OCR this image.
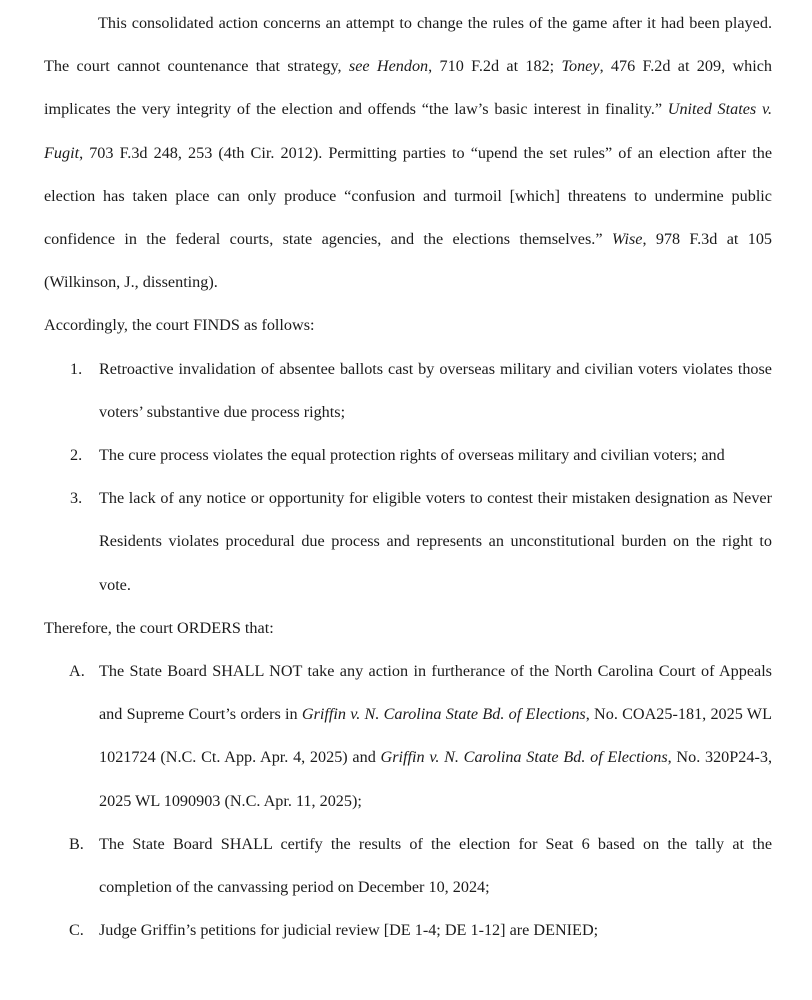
This consolidated action concerns an attempt to change the rules of the game after it had been played. The court cannot countenance that strategy, see Hendon, 710 F.2d at 182; Toney, 476 F.2d at 209, which implicates the very integrity of the election and offends “the law’s basic interest in finality.” United States v. Fugit, 703 F.3d 248, 253 (4th Cir. 2012). Permitting parties to “upend the set rules” of an election after the election has taken place can only produce “confusion and turmoil [which] threatens to undermine public confidence in the federal courts, state agencies, and the elections themselves.” Wise, 978 F.3d at 105 (Wilkinson, J., dissenting).

Accordingly, the court FINDS as follows:

1. Retroactive invalidation of absentee ballots cast by overseas military and civilian voters violates those voters’ substantive due process rights;
2. The cure process violates the equal protection rights of overseas military and civilian voters; and
3. The lack of any notice or opportunity for eligible voters to contest their mistaken designation as Never Residents violates procedural due process and represents an unconstitutional burden on the right to vote.

Therefore, the court ORDERS that:

A. The State Board SHALL NOT take any action in furtherance of the North Carolina Court of Appeals and Supreme Court’s orders in Griffin v. N. Carolina State Bd. of Elections, No. COA25-181, 2025 WL 1021724 (N.C. Ct. App. Apr. 4, 2025) and Griffin v. N. Carolina State Bd. of Elections, No. 320P24-3, 2025 WL 1090903 (N.C. Apr. 11, 2025);
B. The State Board SHALL certify the results of the election for Seat 6 based on the tally at the completion of the canvassing period on December 10, 2024;
C. Judge Griffin’s petitions for judicial review [DE 1-4; DE 1-12] are DENIED;
